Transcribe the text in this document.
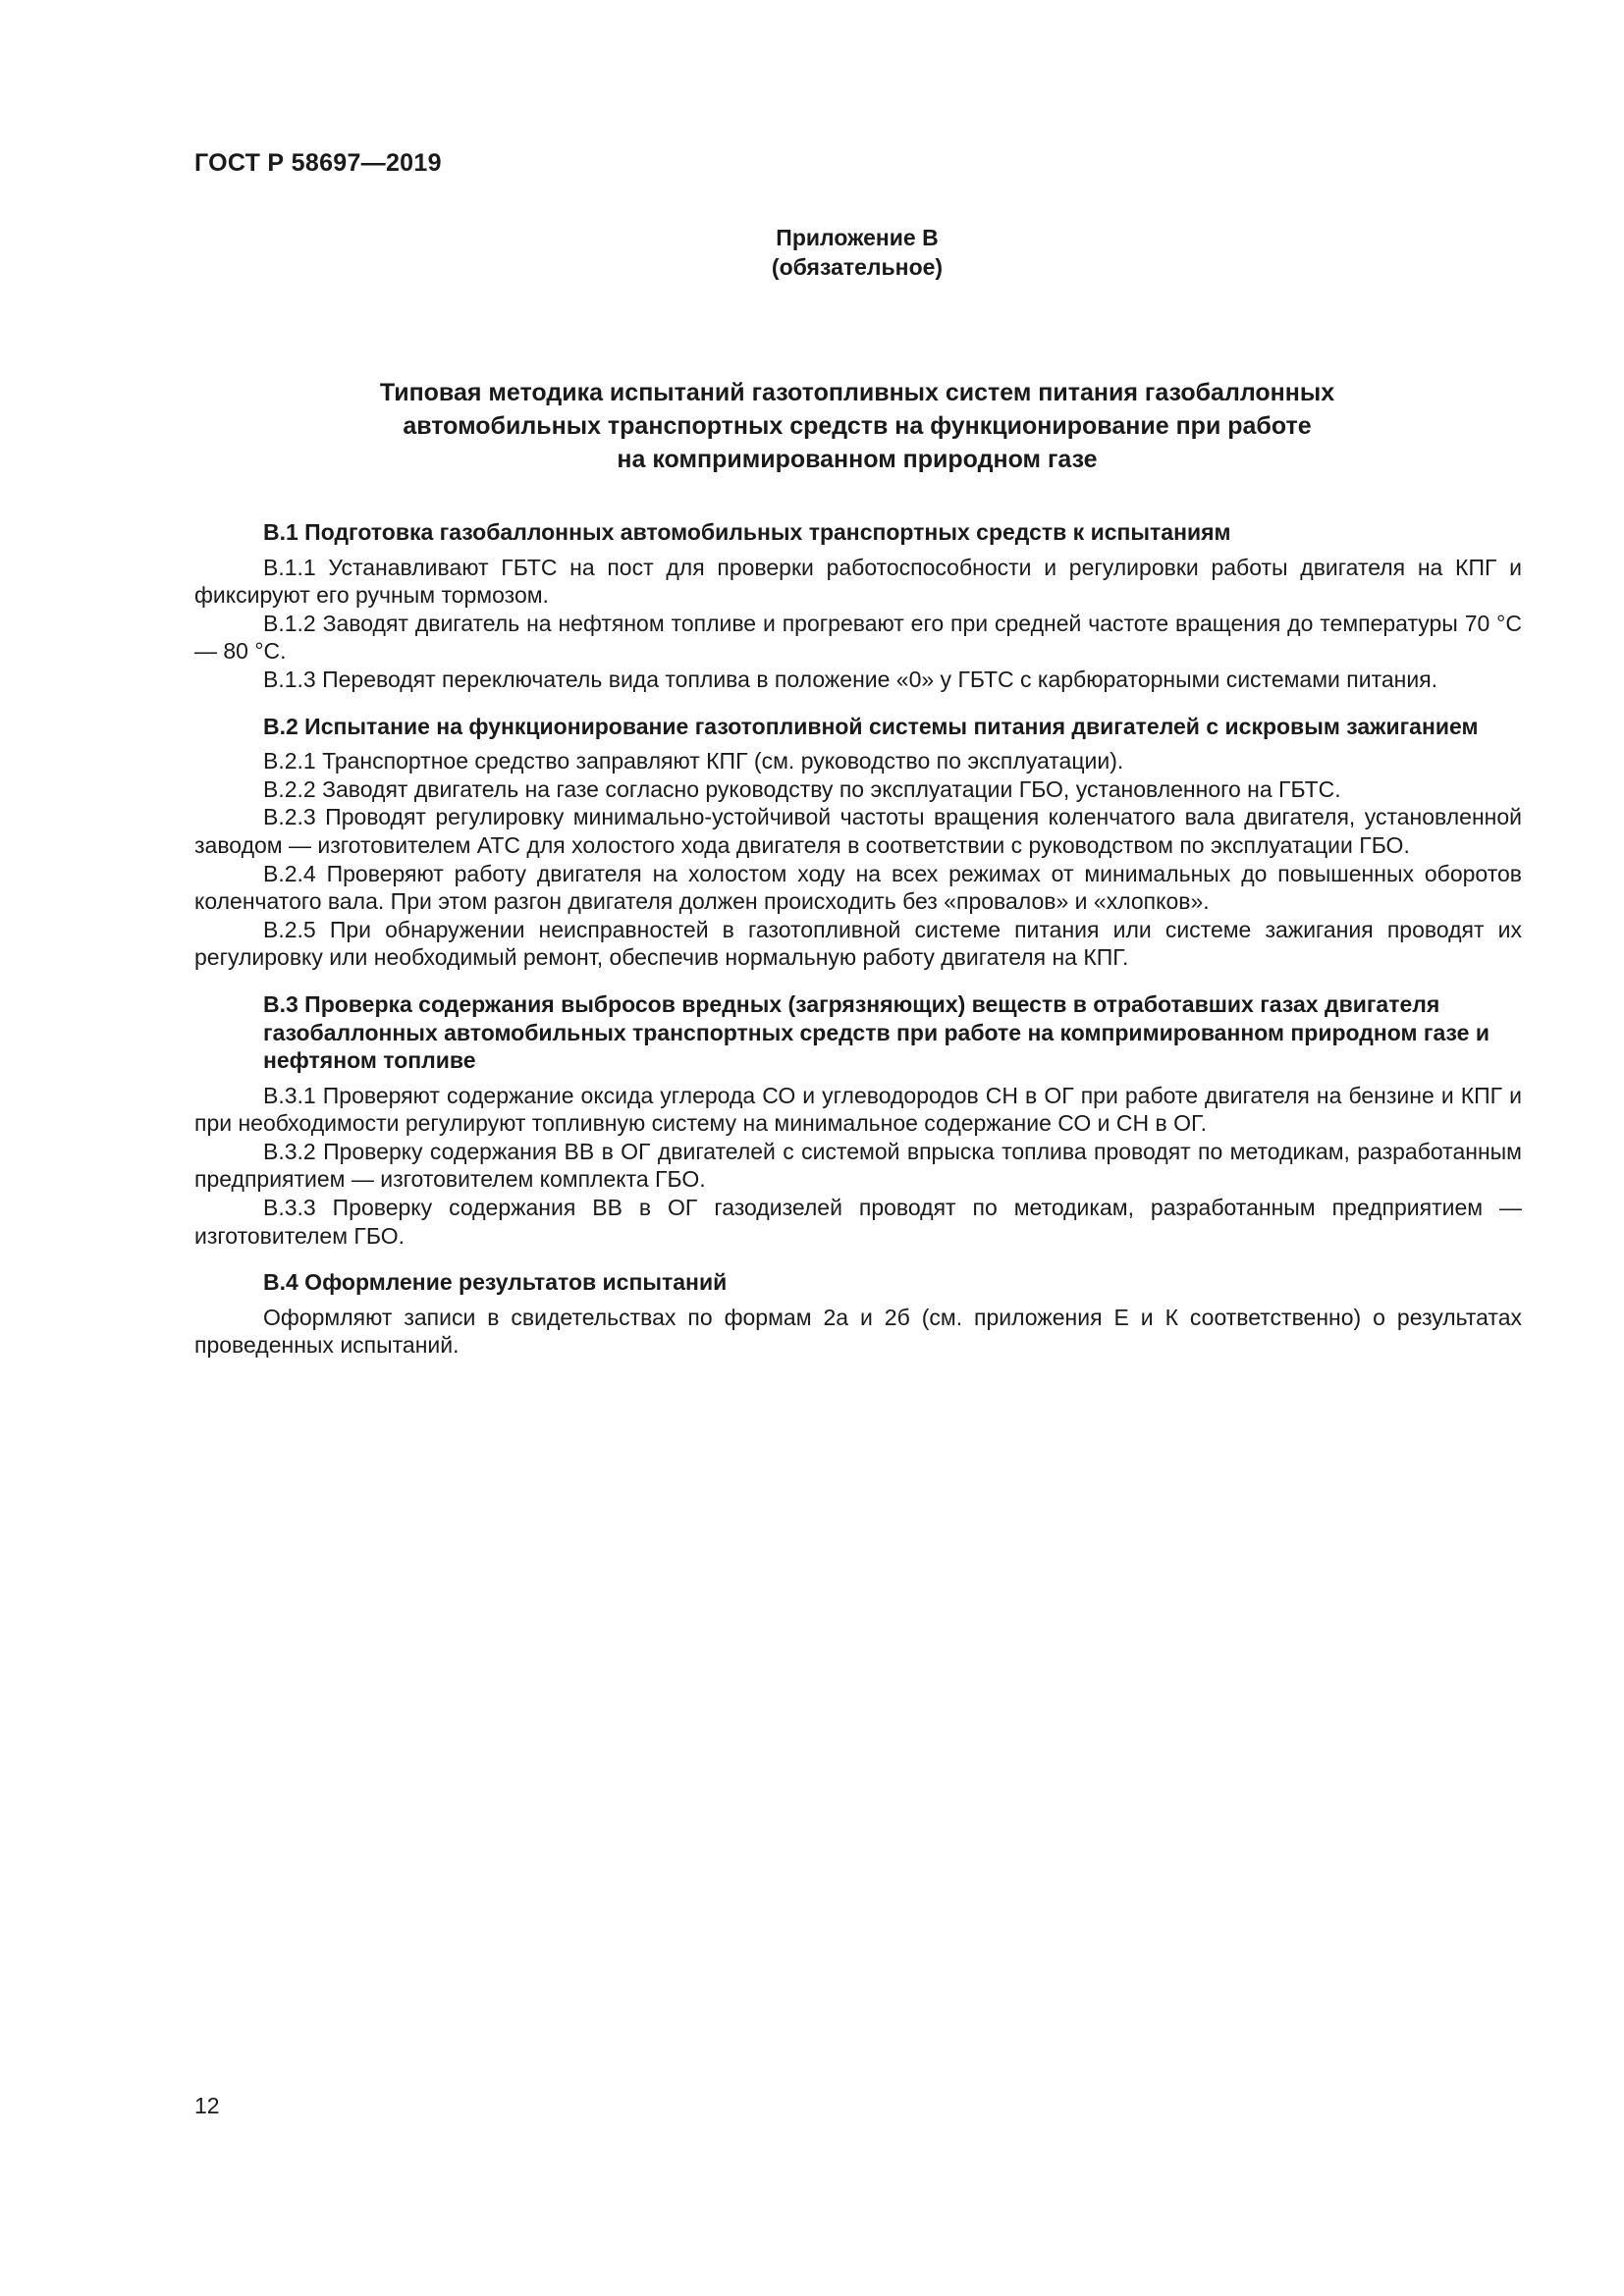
ГОСТ Р 58697—2019
Приложение В
(обязательное)
Типовая методика испытаний газотопливных систем питания газобаллонных
автомобильных транспортных средств на функционирование при работе
на компримированном природном газе

В.1 Подготовка газобаллонных автомобильных транспортных средств к испытаниям

В.1.1 Устанавливают ГБТС на пост для проверки работоспособности и регулировки работы двигателя на КПГ и фиксируют его ручным тормозом.

В.1.2 Заводят двигатель на нефтяном топливе и прогревают его при средней частоте вращения до температуры 70 °С — 80 °С.

В.1.3 Переводят переключатель вида топлива в положение «0» у ГБТС с карбюраторными системами питания.

В.2 Испытание на функционирование газотопливной системы питания двигателей с искровым зажиганием

В.2.1 Транспортное средство заправляют КПГ (см. руководство по эксплуатации).

В.2.2 Заводят двигатель на газе согласно руководству по эксплуатации ГБО, установленного на ГБТС.

В.2.3 Проводят регулировку минимально-устойчивой частоты вращения коленчатого вала двигателя, установленной заводом — изготовителем АТС для холостого хода двигателя в соответствии с руководством по эксплуатации ГБО.

В.2.4 Проверяют работу двигателя на холостом ходу на всех режимах от минимальных до повышенных оборотов коленчатого вала. При этом разгон двигателя должен происходить без «провалов» и «хлопков».

В.2.5 При обнаружении неисправностей в газотопливной системе питания или системе зажигания проводят их регулировку или необходимый ремонт, обеспечив нормальную работу двигателя на КПГ.

В.3 Проверка содержания выбросов вредных (загрязняющих) веществ в отработавших газах двигателя газобаллонных автомобильных транспортных средств при работе на компримированном природном газе и нефтяном топливе

В.3.1 Проверяют содержание оксида углерода СО и углеводородов СН в ОГ при работе двигателя на бензине и КПГ и при необходимости регулируют топливную систему на минимальное содержание СО и СН в ОГ.

В.3.2 Проверку содержания ВВ в ОГ двигателей с системой впрыска топлива проводят по методикам, разработанным предприятием — изготовителем комплекта ГБО.

В.3.3 Проверку содержания ВВ в ОГ газодизелей проводят по методикам, разработанным предприятием — изготовителем ГБО.

В.4 Оформление результатов испытаний

Оформляют записи в свидетельствах по формам 2а и 2б (см. приложения Е и К соответственно) о результатах проведенных испытаний.

12
